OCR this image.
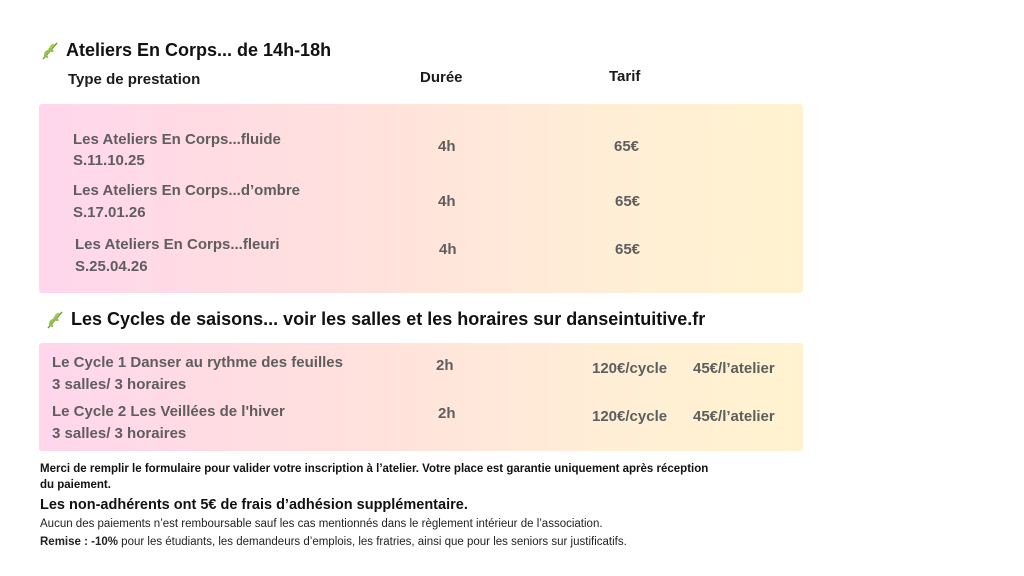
Ateliers En Corps... de 14h-18h
Type de prestation	Durée	Tarif
Les Ateliers En Corps...fluide
S.11.10.25
4h	65€
Les Ateliers En Corps...d’ombre
S.17.01.26
4h	65€
Les Ateliers En Corps...fleuri
S.25.04.26
4h	65€
Les Cycles de saisons... voir les salles et les horaires sur danseintuitive.fr
Le Cycle 1 Danser au rythme des feuilles
3 salles/ 3 horaires
2h	120€/cycle 45€/l’atelier
Le Cycle 2 Les Veillées de l'hiver
3 salles/ 3 horaires
2h	120€/cycle 45€/l’atelier
Merci de remplir le formulaire pour valider votre inscription à l’atelier. Votre place est garantie uniquement après réception
du paiement.
Les non-adhérents ont 5€ de frais d’adhésion supplémentaire.
Aucun des paiements n’est remboursable sauf les cas mentionnés dans le règlement intérieur de l’association.
Remise : -10% pour les étudiants, les demandeurs d’emplois, les fratries, ainsi que pour les seniors sur justificatifs.
